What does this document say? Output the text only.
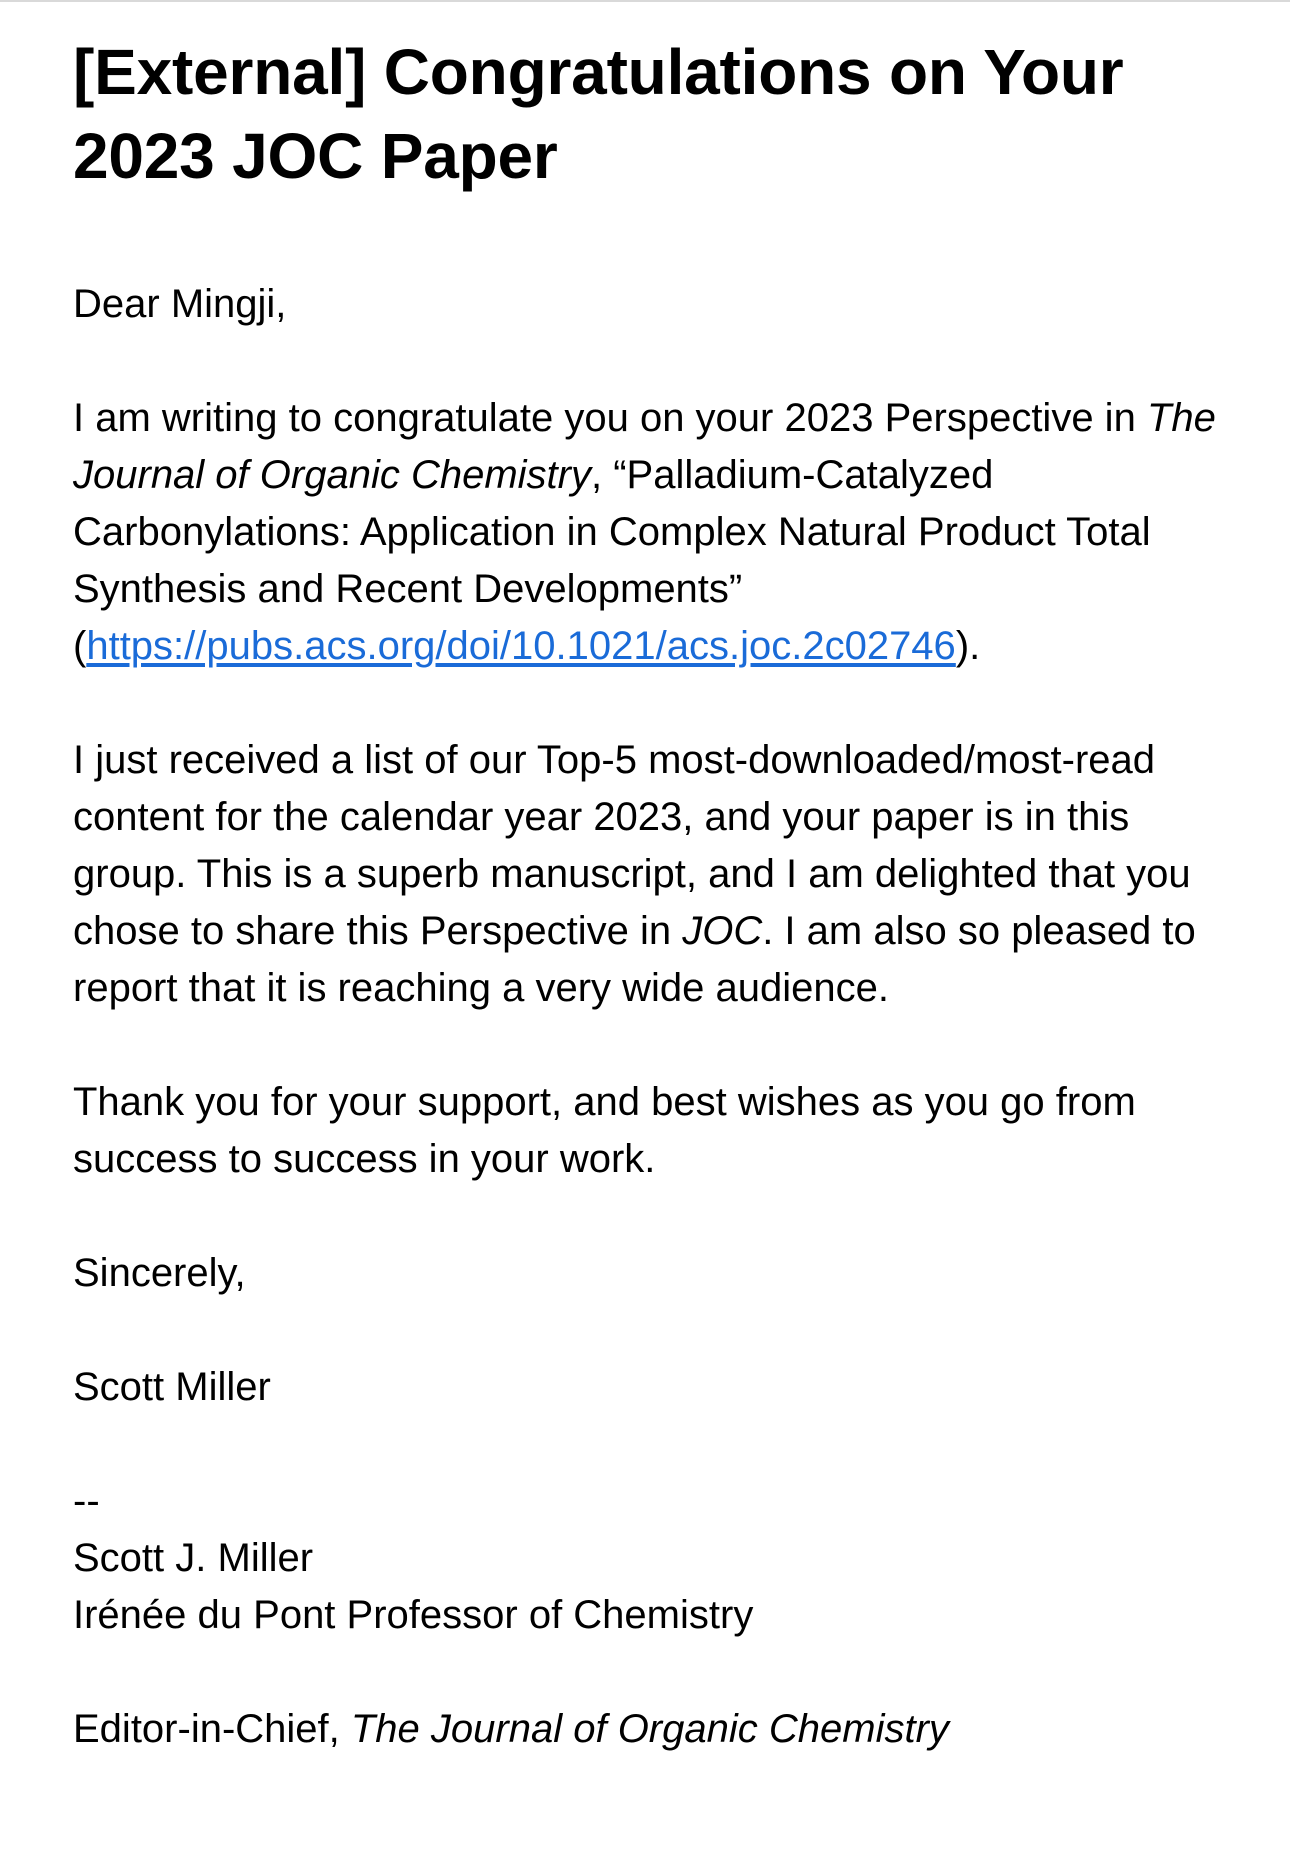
[External] Congratulations on Your 2023 JOC Paper

Dear Mingji,

I am writing to congratulate you on your 2023 Perspective in The Journal of Organic Chemistry, “Palladium-Catalyzed Carbonylations: Application in Complex Natural Product Total Synthesis and Recent Developments” (https://pubs.acs.org/doi/10.1021/acs.joc.2c02746).

I just received a list of our Top-5 most-downloaded/most-read content for the calendar year 2023, and your paper is in this group. This is a superb manuscript, and I am delighted that you chose to share this Perspective in JOC. I am also so pleased to report that it is reaching a very wide audience.

Thank you for your support, and best wishes as you go from success to success in your work.

Sincerely,

Scott Miller

--

Scott J. Miller

Irénée du Pont Professor of Chemistry

Editor-in-Chief, The Journal of Organic Chemistry
